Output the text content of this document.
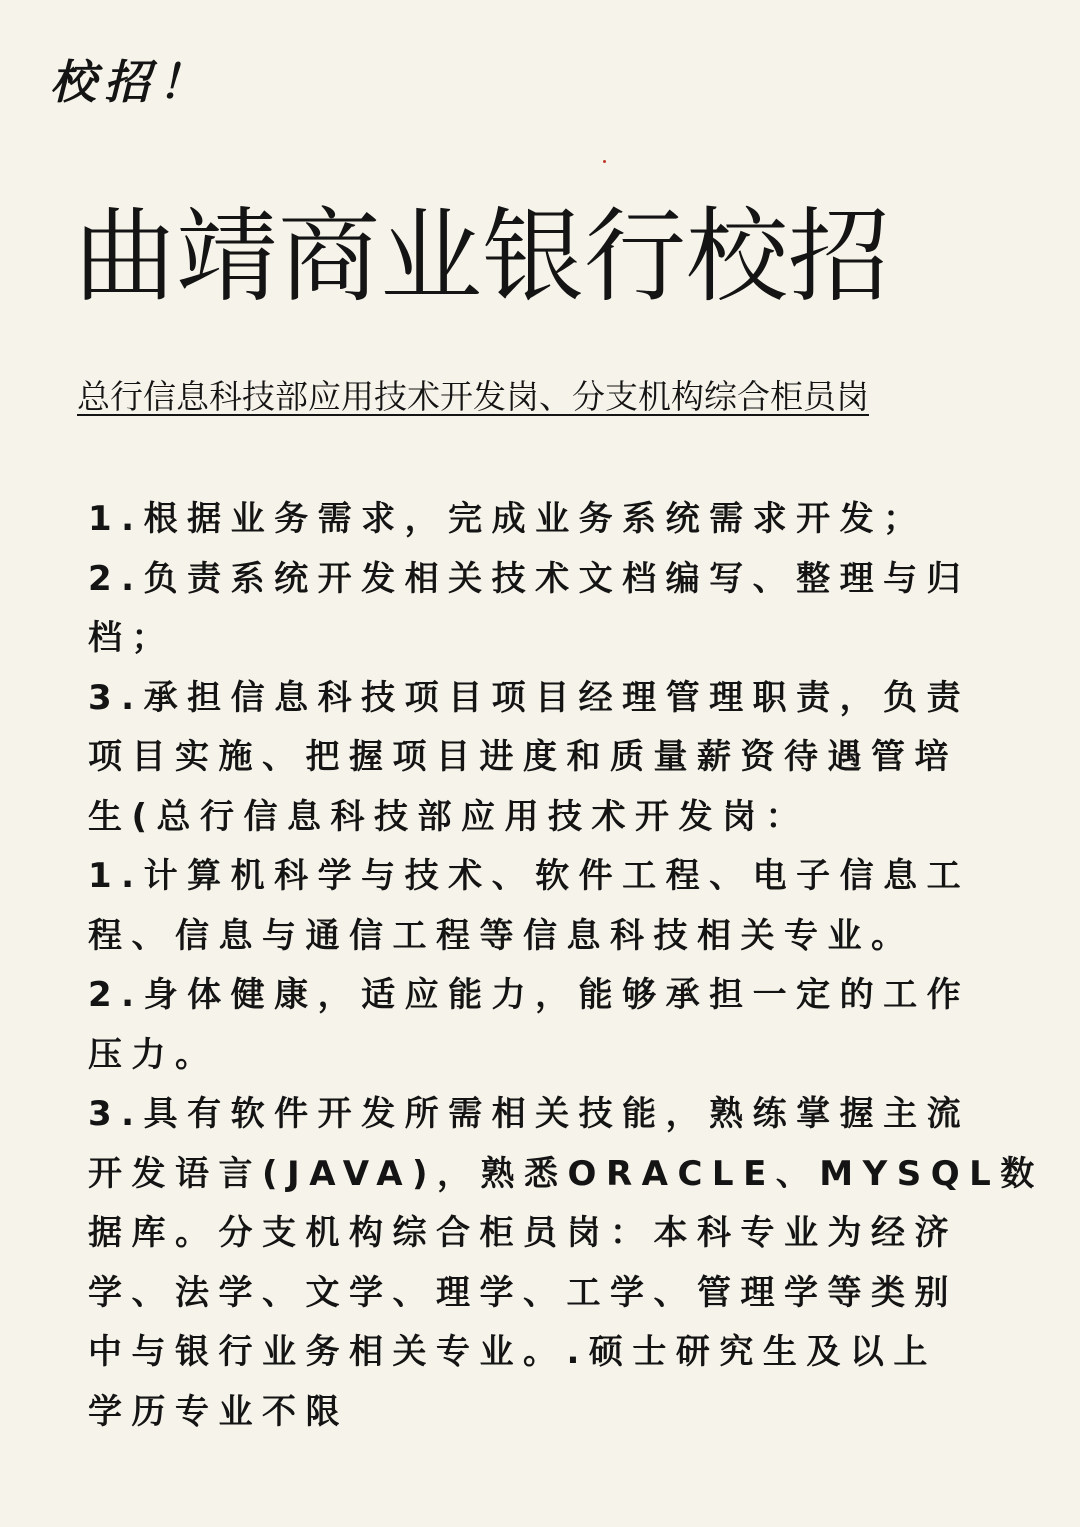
校招！
曲靖商业银行校招
总行信息科技部应用技术开发岗、分支机构综合柜员岗
1.根据业务需求，完成业务系统需求开发；
2.负责系统开发相关技术文档编写、整理与归
档；
3.承担信息科技项目项目经理管理职责，负责
项目实施、把握项目进度和质量薪资待遇管培
生(总行信息科技部应用技术开发岗：
1.计算机科学与技术、软件工程、电子信息工
程、信息与通信工程等信息科技相关专业。
2.身体健康，适应能力，能够承担一定的工作
压力。
3.具有软件开发所需相关技能，熟练掌握主流
开发语言(JAVA)，熟悉ORACLE、MYSQL数
据库。分支机构综合柜员岗：本科专业为经济
学、法学、文学、理学、工学、管理学等类别
中与银行业务相关专业。.硕士研究生及以上
学历专业不限
